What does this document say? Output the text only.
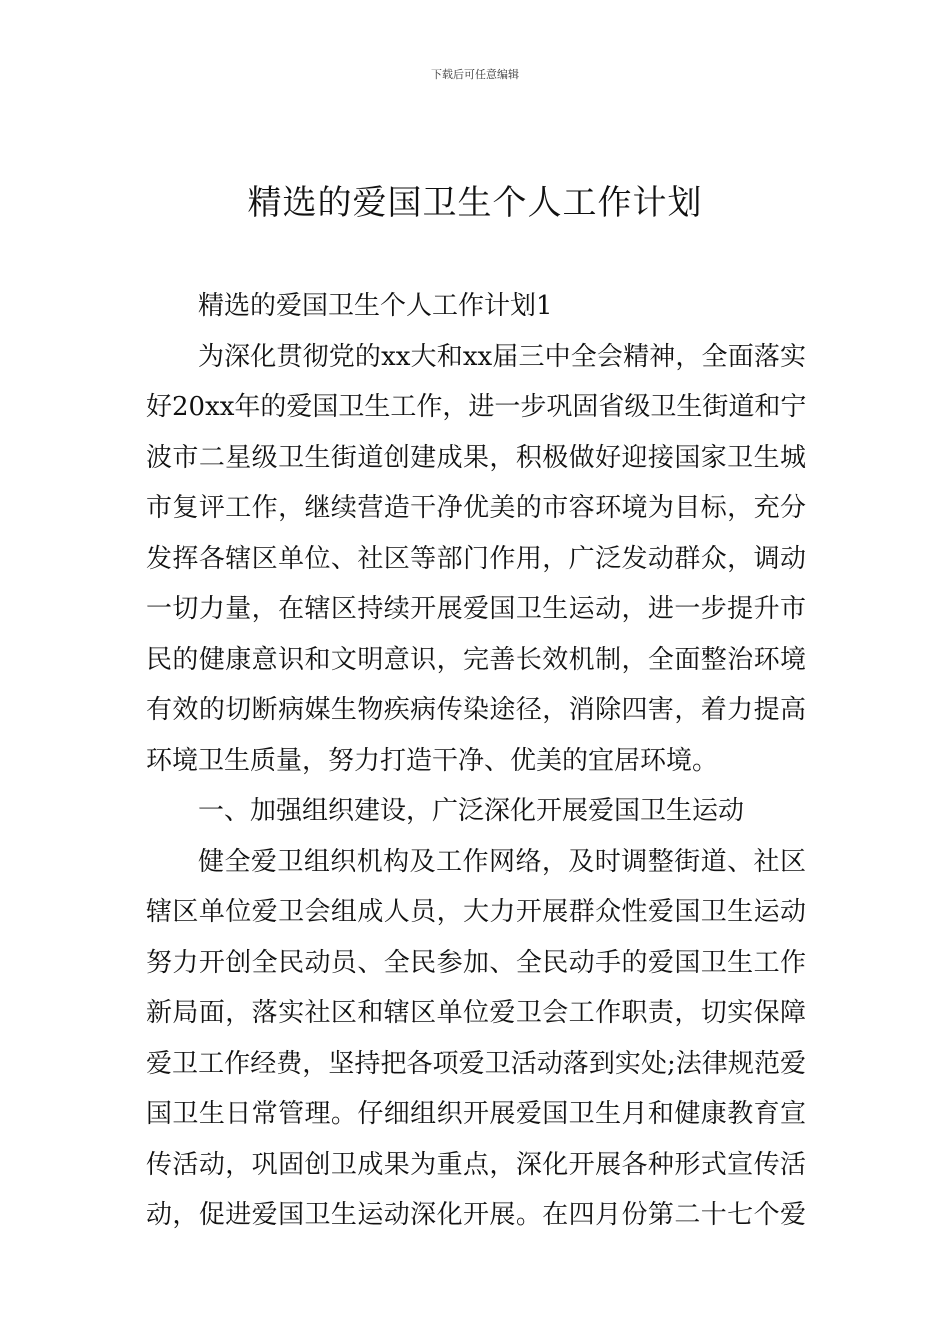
下载后可任意编辑
精选的爱国卫生个人工作计划
精选的爱国卫生个人工作计划1
为深化贯彻党的xx大和xx届三中全会精神，全面落实
好20xx年的爱国卫生工作，进一步巩固省级卫生街道和宁
波市二星级卫生街道创建成果，积极做好迎接国家卫生城
市复评工作，继续营造干净优美的市容环境为目标，充分
发挥各辖区单位、社区等部门作用，广泛发动群众，调动
一切力量，在辖区持续开展爱国卫生运动，进一步提升市
民的健康意识和文明意识，完善长效机制，全面整治环境
有效的切断病媒生物疾病传染途径，消除四害，着力提高
环境卫生质量，努力打造干净、优美的宜居环境。
一、加强组织建设，广泛深化开展爱国卫生运动
健全爱卫组织机构及工作网络，及时调整街道、社区
辖区单位爱卫会组成人员，大力开展群众性爱国卫生运动
努力开创全民动员、全民参加、全民动手的爱国卫生工作
新局面，落实社区和辖区单位爱卫会工作职责，切实保障
爱卫工作经费，坚持把各项爱卫活动落到实处;法律规范爱
国卫生日常管理。仔细组织开展爱国卫生月和健康教育宣
传活动，巩固创卫成果为重点，深化开展各种形式宣传活
动，促进爱国卫生运动深化开展。在四月份第二十七个爱
